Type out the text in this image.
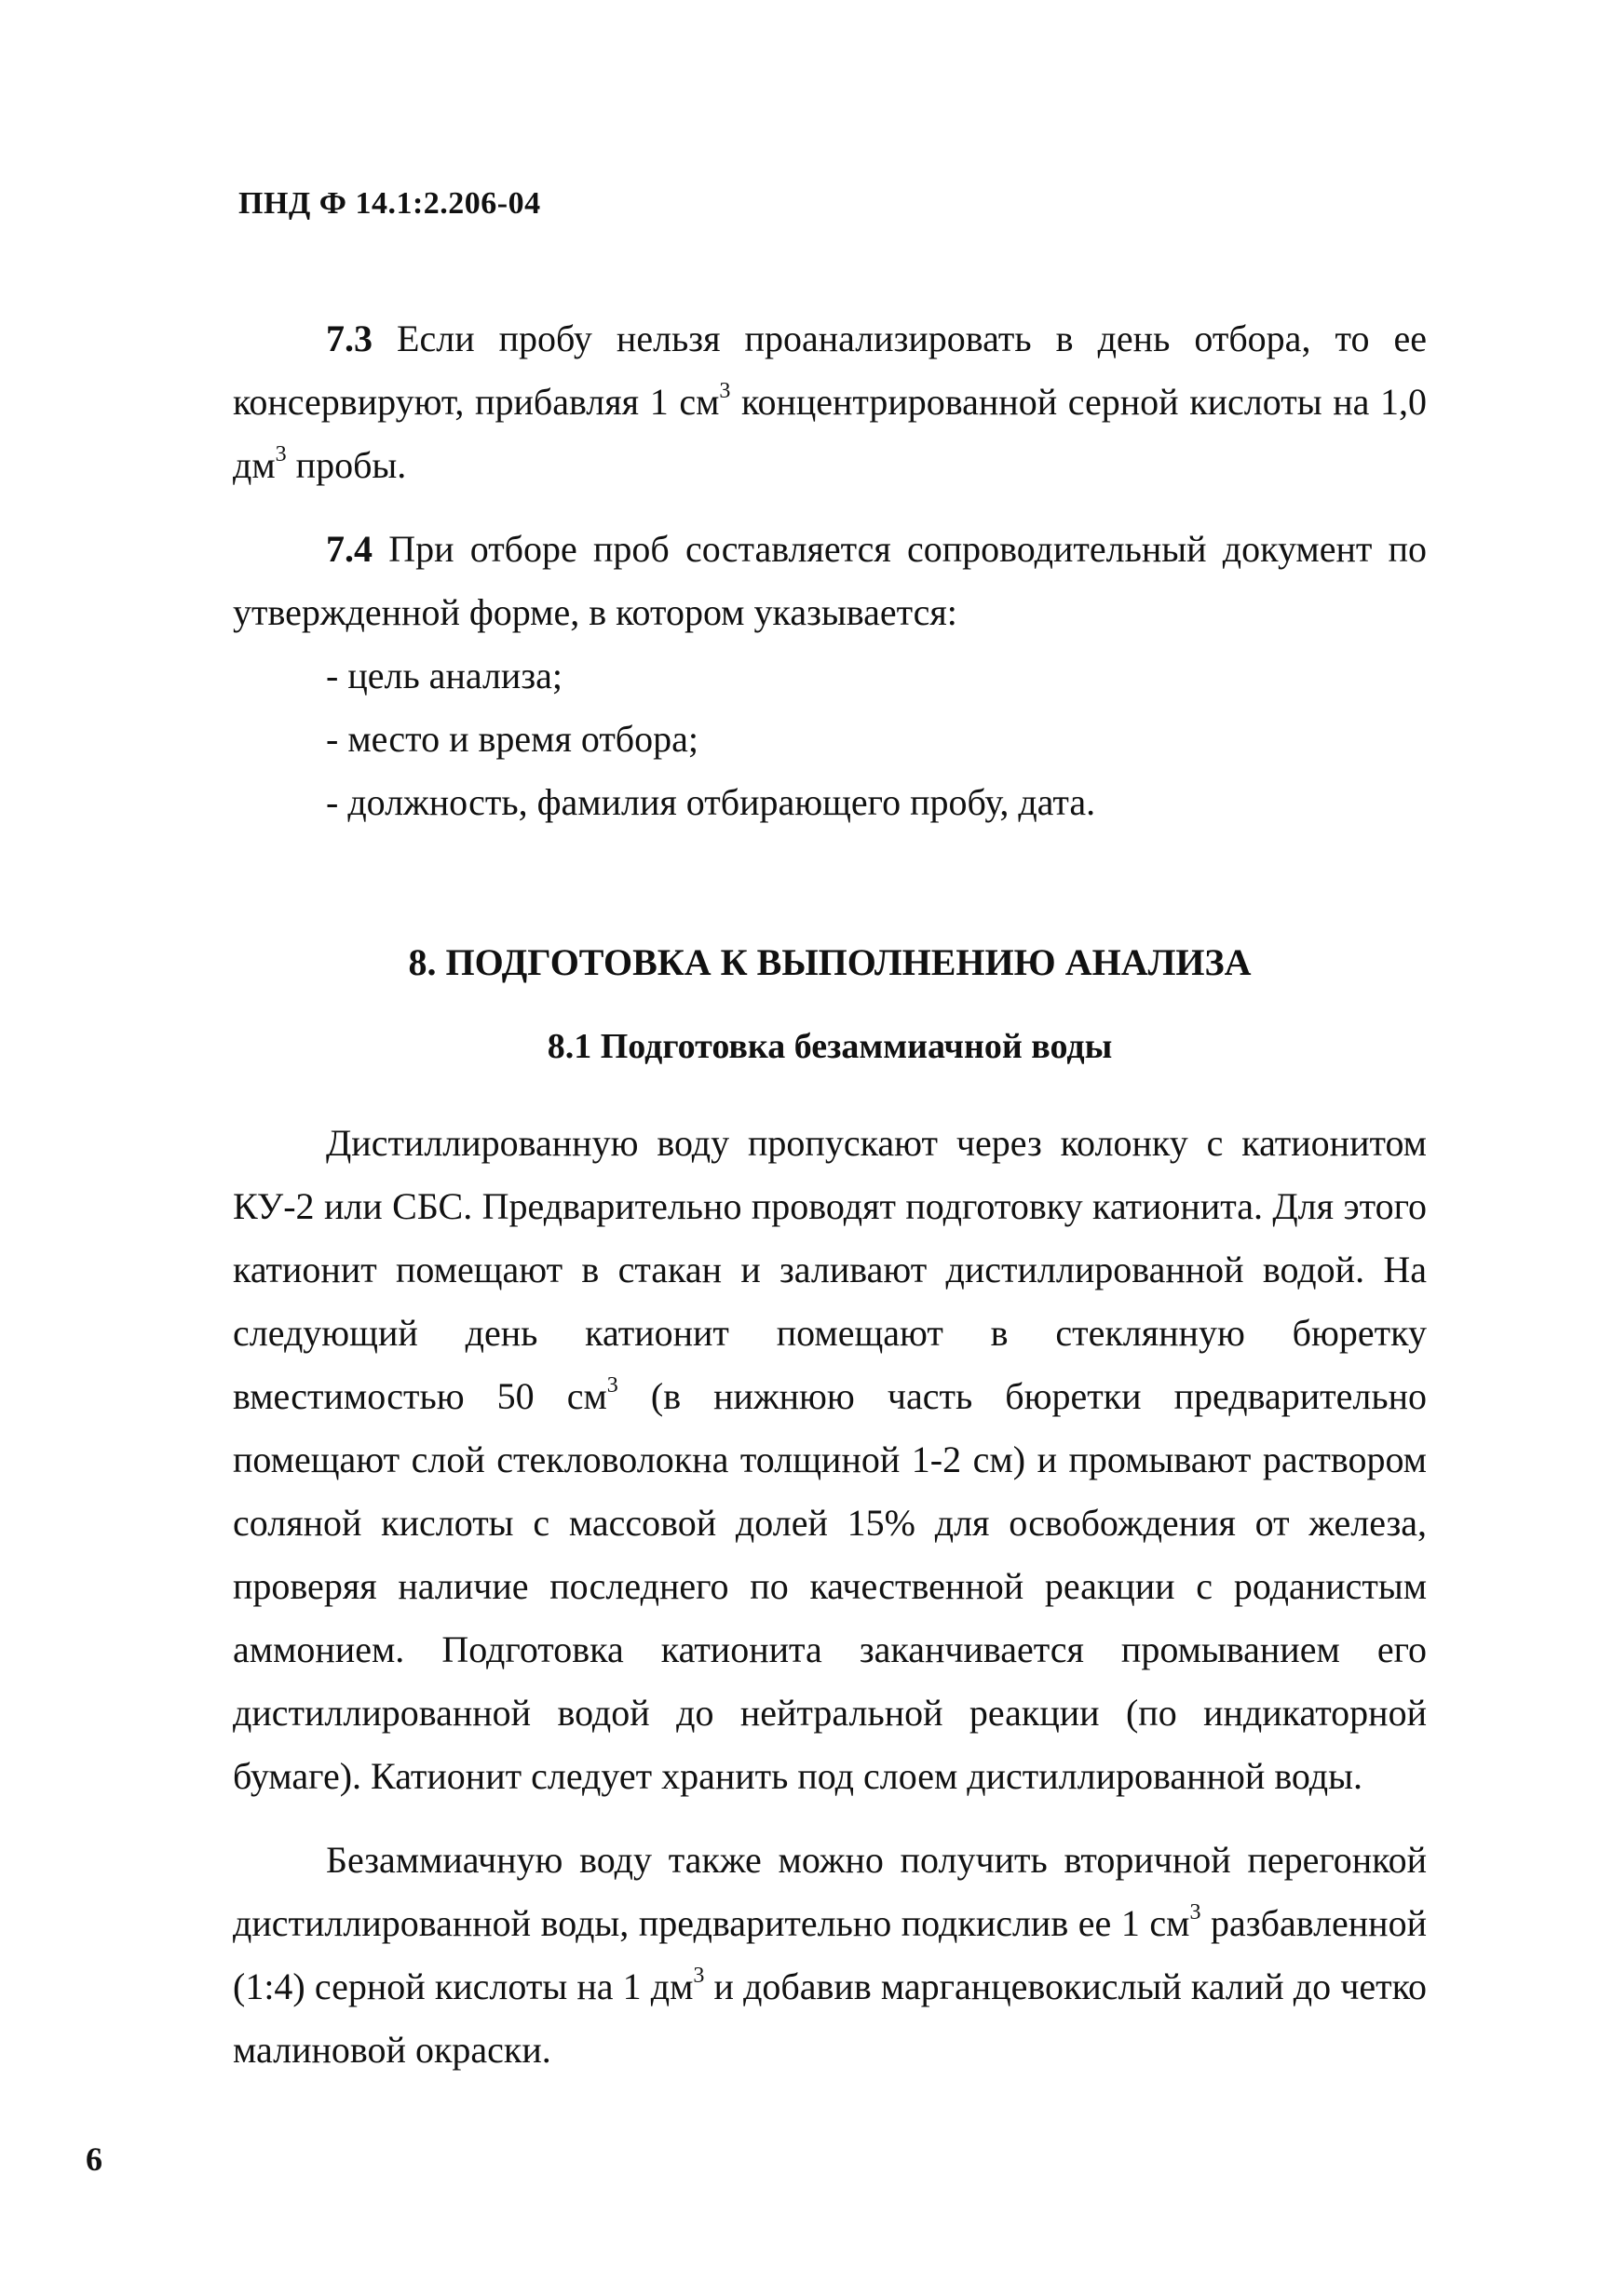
ПНД Ф 14.1:2.206-04

7.3 Если пробу нельзя проанализировать в день отбора, то ее консервируют, прибавляя 1 $см^3$ концентрированной серной кислоты на 1,0 $дм^3$ пробы.

7.4 При отборе проб составляется сопроводительный документ по утвержденной форме, в котором указывается:

- цель анализа;
- место и время отбора;
- должность, фамилия отбирающего пробу, дата.
8. ПОДГОТОВКА К ВЫПОЛНЕНИЮ АНАЛИЗА
8.1 Подготовка безаммиачной воды

Дистиллированную воду пропускают через колонку с катионитом КУ-2 или СБС. Предварительно проводят подготовку катионита. Для этого катионит помещают в стакан и заливают дистиллированной водой. На следующий день катионит помещают в стеклянную бюретку вместимостью 50 $см^3$ (в нижнюю часть бюретки предварительно помещают слой стекловолокна толщиной 1-2 см) и промывают раствором соляной кислоты с массовой долей 15% для освобождения от железа, проверяя наличие последнего по качественной реакции с роданистым аммонием. Подготовка катионита заканчивается промыванием его дистиллированной водой до нейтральной реакции (по индикаторной бумаге). Катионит следует хранить под слоем дистиллированной воды.

Безаммиачную воду также можно получить вторичной перегонкой дистиллированной воды, предварительно подкислив ее 1 $см^3$ разбавленной (1:4) серной кислоты на 1 $дм^3$ и добавив марганцевокислый калий до четко малиновой окраски.

6
